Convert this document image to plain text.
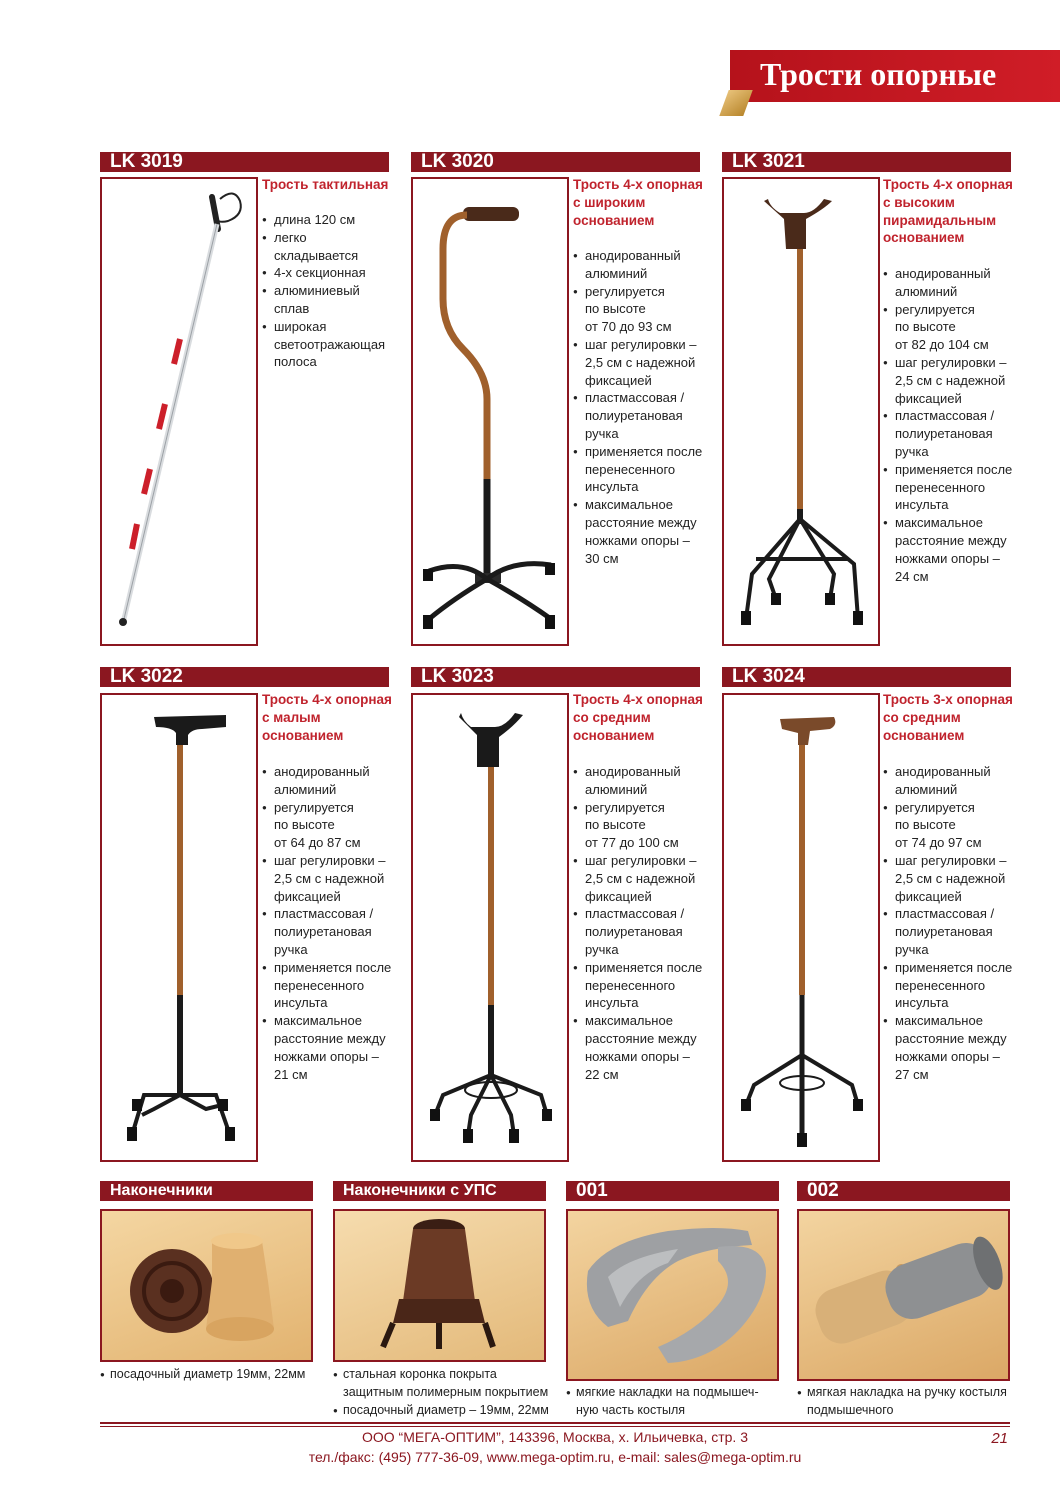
Трости опорные
LK 3019
Трость тактильная
● длина 120 см
● легко складывается
● 4-х секционная
● алюминиевый
сплав
● широкая
светоотражающая
полоса
LK 3020
Трость 4-х опорная
с широким
основанием
● анодированный
алюминий
● регулируется
по высоте
от 70 до 93 см
● шаг регулировки –
2,5 см с надежной
фиксацией
● пластмассовая /
полиуретановая
ручка
● применяется после
перенесенного
инсульта
● максимальное
расстояние между
ножками опоры –
30 см
LK 3021
Трость 4-х опорная
с высоким
пирамидальным
основанием
● анодированный
алюминий
● регулируется
по высоте
от 82 до 104 см
● шаг регулировки –
2,5 см с надежной
фиксацией
● пластмассовая /
полиуретановая
ручка
● применяется после
перенесенного
инсульта
● максимальное
расстояние между
ножками опоры –
24 см
LK 3022
Трость 4-х опорная
с малым
основанием
● анодированный
алюминий
● регулируется
по высоте
от 64 до 87 см
● шаг регулировки –
2,5 см с надежной
фиксацией
● пластмассовая /
полиуретановая
ручка
● применяется после
перенесенного
инсульта
● максимальное
расстояние между
ножками опоры –
21 см
LK 3023
Трость 4-х опорная
со средним
основанием
● анодированный
алюминий
● регулируется
по высоте
от 77 до 100 см
● шаг регулировки –
2,5 см с надежной
фиксацией
● пластмассовая /
полиуретановая
ручка
● применяется после
перенесенного
инсульта
● максимальное
расстояние между
ножками опоры –
22 см
LK 3024
Трость 3-х опорная
со средним
основанием
● анодированный
алюминий
● регулируется
по высоте
от 74 до 97 см
● шаг регулировки –
2,5 см с надежной
фиксацией
● пластмассовая /
полиуретановая
ручка
● применяется после
перенесенного
инсульта
● максимальное
расстояние между
ножками опоры –
27 см
Наконечники
● посадочный диаметр 19мм, 22мм
Наконечники с УПС
● стальная коронка покрыта
защитным полимерным покрытием
● посадочный диаметр – 19мм, 22мм
001
● мягкие накладки на подмышеч-
ную часть костыля
002
● мягкая накладка на ручку костыля
подмышечного
ООО “МЕГА-ОПТИМ”, 143396, Москва, х. Ильичевка, стр. 3
тел./факс: (495) 777-36-09, www.mega-optim.ru, e-mail: sales@mega-optim.ru
21
